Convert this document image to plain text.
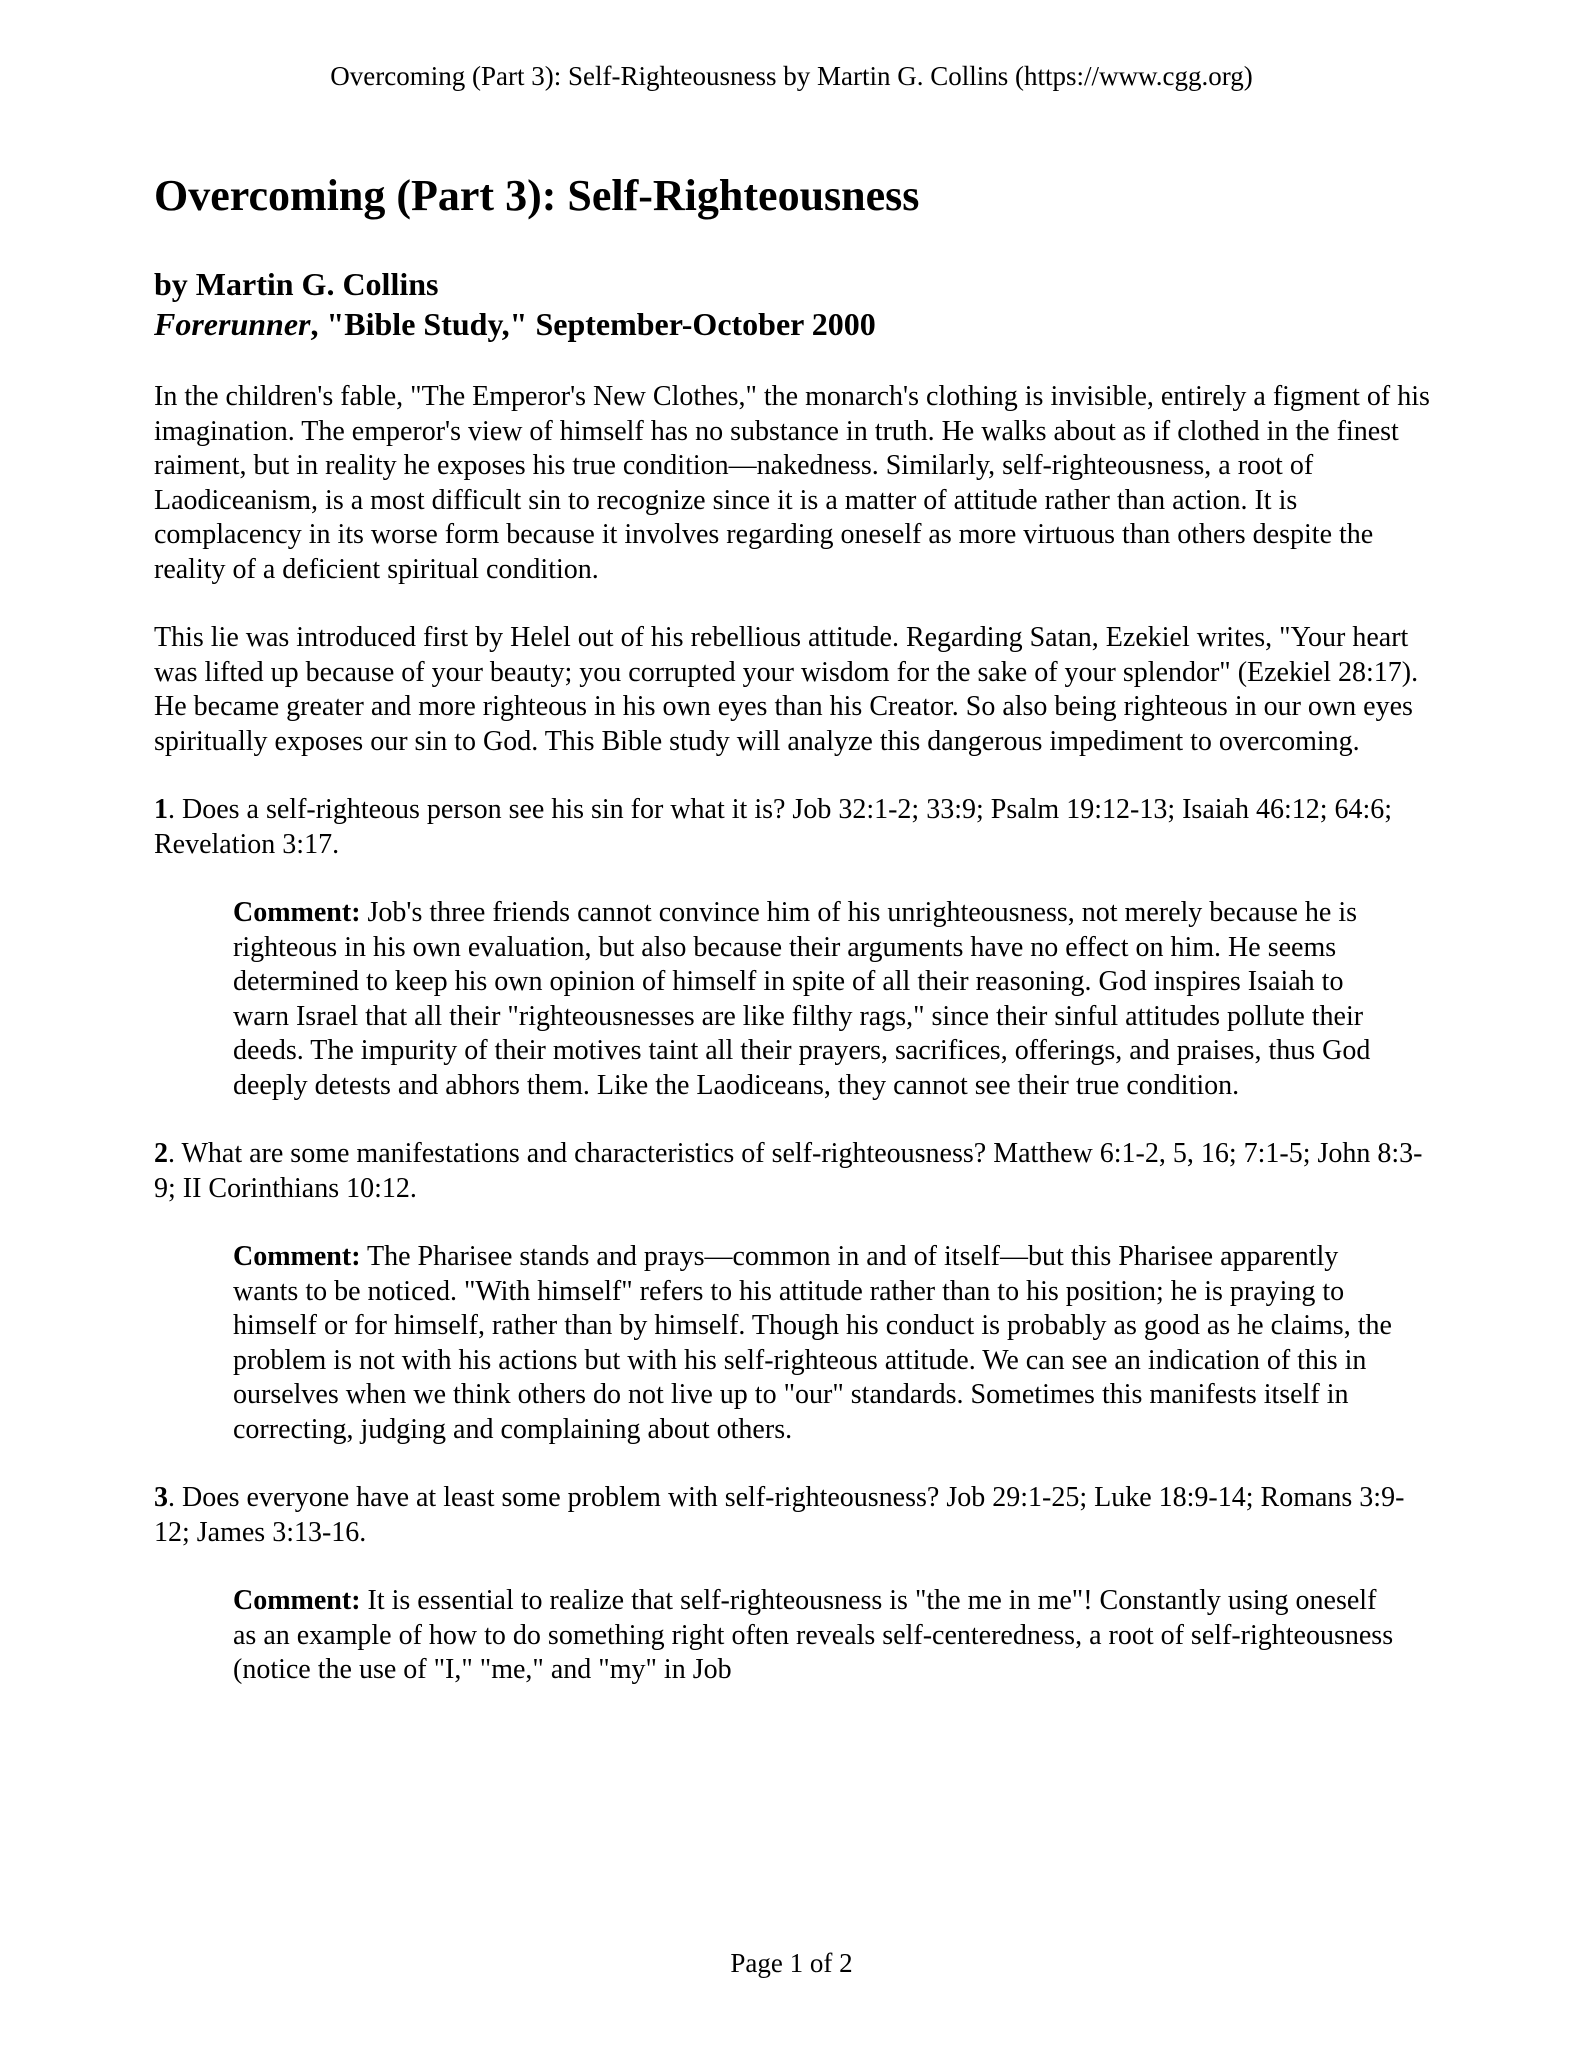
Overcoming (Part 3): Self-Righteousness by Martin G. Collins (https://www.cgg.org)
Overcoming (Part 3): Self-Righteousness
by Martin G. Collins
Forerunner, "Bible Study," September-October 2000

In the children's fable, "The Emperor's New Clothes," the monarch's clothing is invisible, entirely a figment of his imagination. The emperor's view of himself has no substance in truth. He walks about as if clothed in the finest raiment, but in reality he exposes his true condition—nakedness. Similarly, self-righteousness, a root of Laodiceanism, is a most difficult sin to recognize since it is a matter of attitude rather than action. It is complacency in its worse form because it involves regarding oneself as more virtuous than others despite the reality of a deficient spiritual condition.

This lie was introduced first by Helel out of his rebellious attitude. Regarding Satan, Ezekiel writes, "Your heart was lifted up because of your beauty; you corrupted your wisdom for the sake of your splendor" (Ezekiel 28:17). He became greater and more righteous in his own eyes than his Creator. So also being righteous in our own eyes spiritually exposes our sin to God. This Bible study will analyze this dangerous impediment to overcoming.

1. Does a self-righteous person see his sin for what it is? Job 32:1-2; 33:9; Psalm 19:12-13; Isaiah 46:12; 64:6; Revelation 3:17.

Comment: Job's three friends cannot convince him of his unrighteousness, not merely because he is righteous in his own evaluation, but also because their arguments have no effect on him. He seems determined to keep his own opinion of himself in spite of all their reasoning. God inspires Isaiah to warn Israel that all their "righteousnesses are like filthy rags," since their sinful attitudes pollute their deeds. The impurity of their motives taint all their prayers, sacrifices, offerings, and praises, thus God deeply detests and abhors them. Like the Laodiceans, they cannot see their true condition.

2. What are some manifestations and characteristics of self-righteousness? Matthew 6:1-2, 5, 16; 7:1-5; John 8:3-9; II Corinthians 10:12.

Comment: The Pharisee stands and prays—common in and of itself—but this Pharisee apparently wants to be noticed. "With himself" refers to his attitude rather than to his position; he is praying to himself or for himself, rather than by himself. Though his conduct is probably as good as he claims, the problem is not with his actions but with his self-righteous attitude. We can see an indication of this in ourselves when we think others do not live up to "our" standards. Sometimes this manifests itself in correcting, judging and complaining about others.

3. Does everyone have at least some problem with self-righteousness? Job 29:1-25; Luke 18:9-14; Romans 3:9-12; James 3:13-16.

Comment: It is essential to realize that self-righteousness is "the me in me"! Constantly using oneself as an example of how to do something right often reveals self-centeredness, a root of self-righteousness (notice the use of "I," "me," and "my" in Job

Page 1 of 2
